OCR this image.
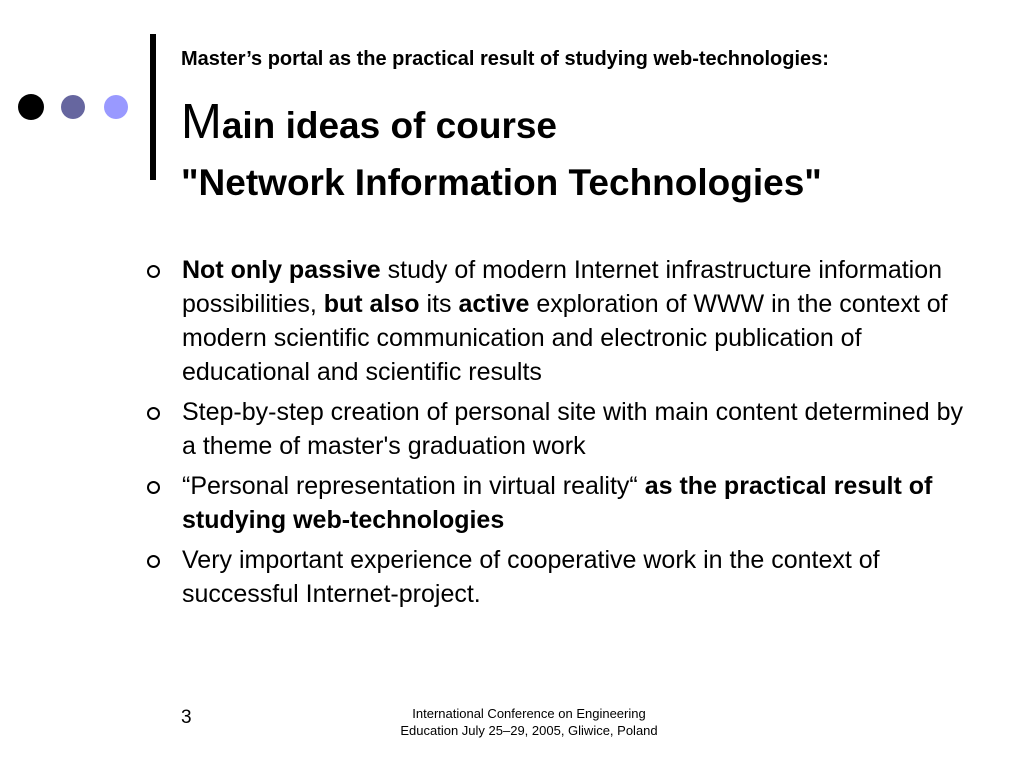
Master’s portal as the practical result of studying web-technologies:
Main ideas of course
"Network Information Technologies"
Not only passive study of modern Internet infrastructure information possibilities, but also its active exploration of WWW in the context of modern scientific communication and electronic publication of educational and scientific results
Step-by-step creation of personal site with main content determined by a theme of master's graduation work
“Personal representation in virtual reality“ as the practical result of studying web-technologies
Very important experience of cooperative work in the context of successful Internet-project.
3	International Conference on Engineering
Education July 25–29, 2005, Gliwice, Poland
